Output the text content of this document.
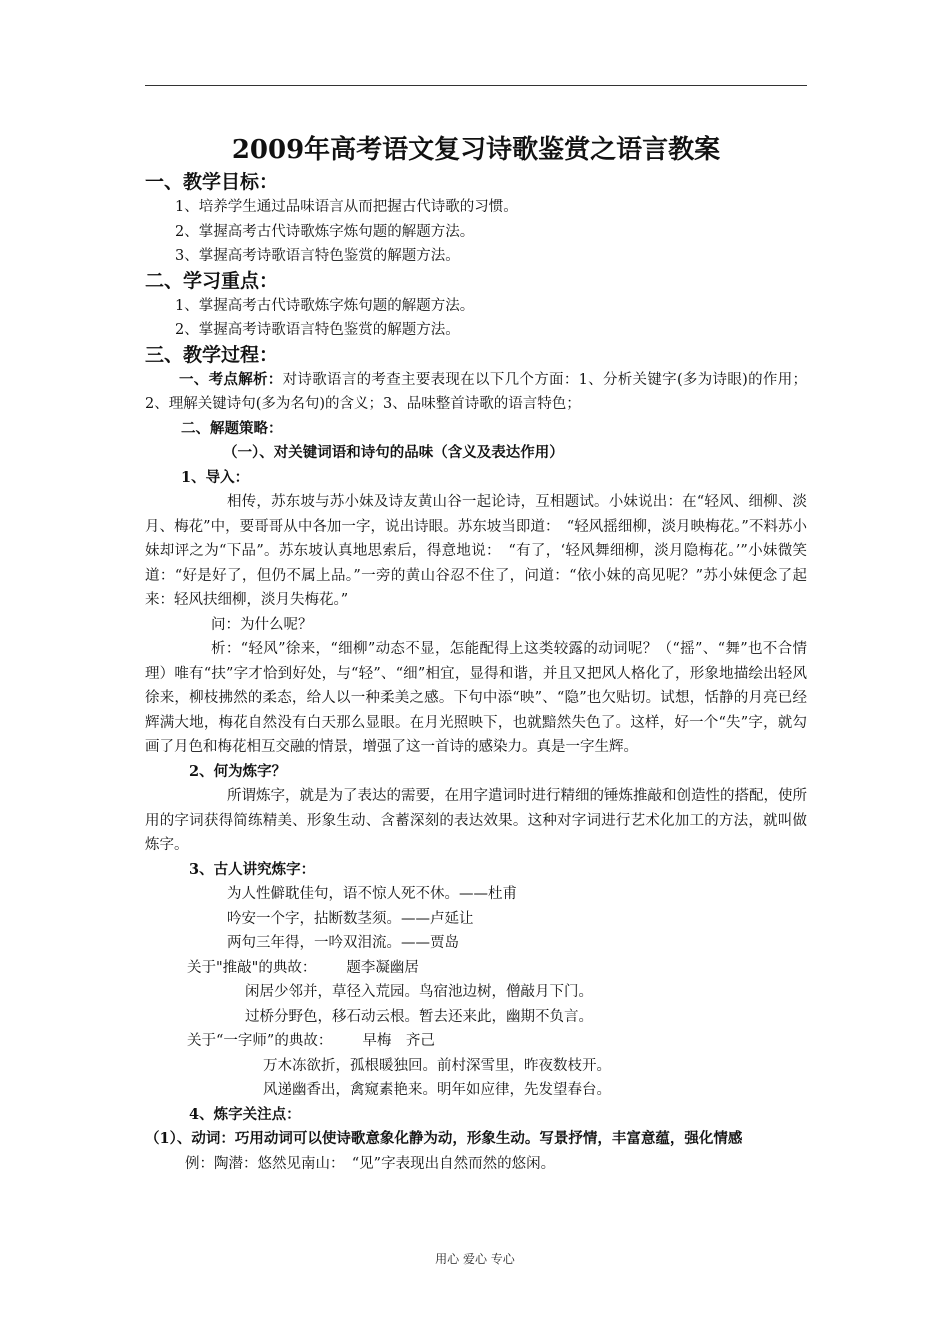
2009年高考语文复习诗歌鉴赏之语言教案
一、教学目标：
1、培养学生通过品味语言从而把握古代诗歌的习惯。
2、掌握高考古代诗歌炼字炼句题的解题方法。
3、掌握高考诗歌语言特色鉴赏的解题方法。
二、学习重点：
1、掌握高考古代诗歌炼字炼句题的解题方法。
2、掌握高考诗歌语言特色鉴赏的解题方法。
三、教学过程：
一、考点解析：对诗歌语言的考查主要表现在以下几个方面：1、分析关键字(多为诗眼)的作用；2、理解关键诗句(多为名句)的含义；3、品味整首诗歌的语言特色；
二、解题策略：
（一）、对关键词语和诗句的品味（含义及表达作用）
1、导入：
相传，苏东坡与苏小妹及诗友黄山谷一起论诗，互相题试。小妹说出：在“轻风、细柳、淡月、梅花”中，要哥哥从中各加一字，说出诗眼。苏东坡当即道：　“轻风摇细柳，淡月映梅花。”不料苏小妹却评之为“下品”。苏东坡认真地思索后，得意地说：　“有了，‘轻风舞细柳，淡月隐梅花。’”小妹微笑道：“好是好了，但仍不属上品。”一旁的黄山谷忍不住了，问道：“依小妹的高见呢？”苏小妹便念了起来：轻风扶细柳，淡月失梅花。”
问：为什么呢？
析：“轻风”徐来，“细柳”动态不显，怎能配得上这类较露的动词呢？（“摇”、“舞”也不合情理）唯有“扶”字才恰到好处，与“轻”、“细”相宜，显得和谐，并且又把风人格化了，形象地描绘出轻风徐来，柳枝拂然的柔态，给人以一种柔美之感。下句中添“映”、“隐”也欠贴切。试想，恬静的月亮已经辉满大地，梅花自然没有白天那么显眼。在月光照映下，也就黯然失色了。这样，好一个“失”字，就勾画了月色和梅花相互交融的情景，增强了这一首诗的感染力。真是一字生辉。
2、何为炼字？
所谓炼字，就是为了表达的需要，在用字遣词时进行精细的锤炼推敲和创造性的搭配，使所用的字词获得简练精美、形象生动、含蓄深刻的表达效果。这种对字词进行艺术化加工的方法，就叫做炼字。
3、古人讲究炼字：
为人性僻耽佳句，语不惊人死不休。——杜甫
吟安一个字，拈断数茎须。——卢延让
两句三年得，一吟双泪流。——贾岛
关于"推敲"的典故： 题李凝幽居
闲居少邻并，草径入荒园。鸟宿池边树，僧敲月下门。
过桥分野色，移石动云根。暂去还来此，幽期不负言。
关于“一字师”的典故： 早梅　齐己
万木冻欲折，孤根暖独回。前村深雪里，昨夜数枝开。
风递幽香出，禽窥素艳来。明年如应律，先发望春台。
4、炼字关注点：
（1）、动词：巧用动词可以使诗歌意象化静为动，形象生动。写景抒情，丰富意蕴，强化情感
例：陶潜：悠然见南山：　“见”字表现出自然而然的悠闲。
用心 爱心 专心
